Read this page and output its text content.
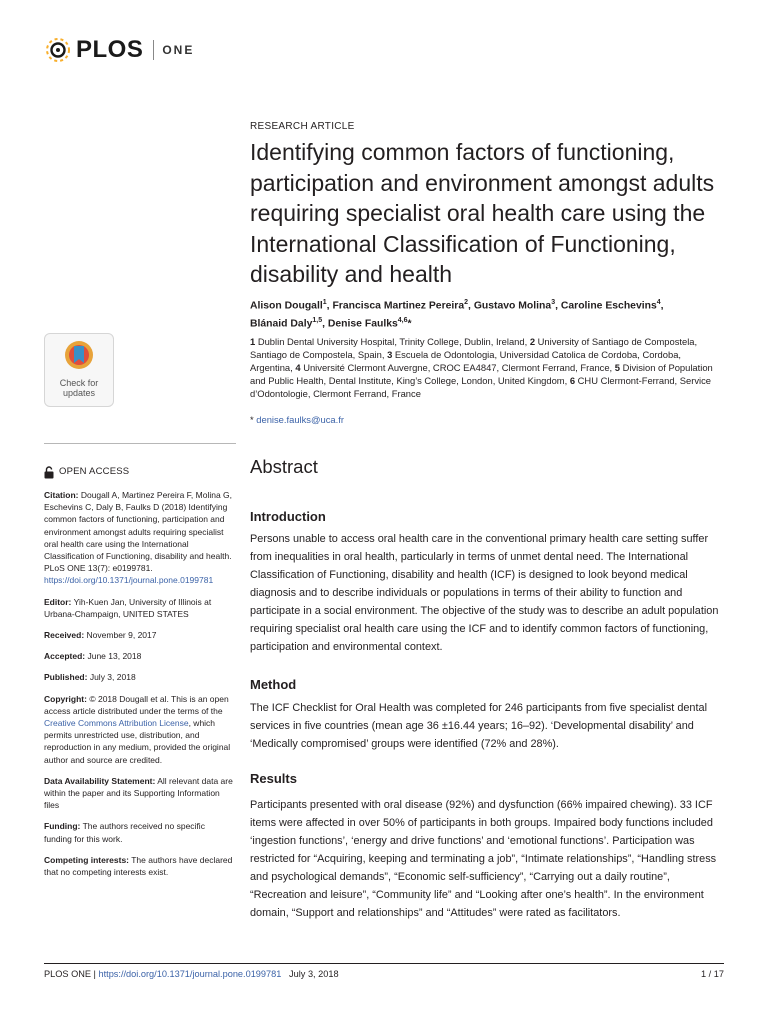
PLOS ONE
RESEARCH ARTICLE
Identifying common factors of functioning, participation and environment amongst adults requiring specialist oral health care using the International Classification of Functioning, disability and health
Alison Dougall$^1$, Francisca Martinez Pereira$^2$, Gustavo Molina$^3$, Caroline Eschevins$^4$,
Blánaid Daly$^{1,5}$, Denise Faulks$^{4,6}$*
1 Dublin Dental University Hospital, Trinity College, Dublin, Ireland, 2 University of Santiago de Compostela, Santiago de Compostela, Spain, 3 Escuela de Odontologia, Universidad Catolica de Cordoba, Cordoba, Argentina, 4 Université Clermont Auvergne, CROC EA4847, Clermont Ferrand, France, 5 Division of Population and Public Health, Dental Institute, King’s College, London, United Kingdom, 6 CHU Clermont-Ferrand, Service d’Odontologie, Clermont Ferrand, France
* denise.faulks@uca.fr
Check for
updates
OPEN ACCESS
Citation: Dougall A, Martinez Pereira F, Molina G, Eschevins C, Daly B, Faulks D (2018) Identifying common factors of functioning, participation and environment amongst adults requiring specialist oral health care using the International Classification of Functioning, disability and health. PLoS ONE 13(7): e0199781. https://doi.org/10.1371/journal.pone.0199781
Editor: Yih-Kuen Jan, University of Illinois at Urbana-Champaign, UNITED STATES
Received: November 9, 2017
Accepted: June 13, 2018
Published: July 3, 2018
Copyright: © 2018 Dougall et al. This is an open access article distributed under the terms of the Creative Commons Attribution License, which permits unrestricted use, distribution, and reproduction in any medium, provided the original author and source are credited.
Data Availability Statement: All relevant data are within the paper and its Supporting Information files
Funding: The authors received no specific funding for this work.
Competing interests: The authors have declared that no competing interests exist.
Abstract
Introduction
Persons unable to access oral health care in the conventional primary health care setting suffer from inequalities in oral health, particularly in terms of unmet dental need. The International Classification of Functioning, disability and health (ICF) is designed to look beyond medical diagnosis and to describe individuals or populations in terms of their ability to function and participate in a social environment. The objective of the study was to describe an adult population requiring specialist oral health care using the ICF and to identify common factors of functioning, participation and environmental context.
Method
The ICF Checklist for Oral Health was completed for 246 participants from five specialist dental services in five countries (mean age 36 ±16.44 years; 16–92). ‘Developmental disability’ and ‘Medically compromised’ groups were identified (72% and 28%).
Results
Participants presented with oral disease (92%) and dysfunction (66% impaired chewing). 33 ICF items were affected in over 50% of participants in both groups. Impaired body functions included ‘ingestion functions’, ‘energy and drive functions’ and ‘emotional functions’. Participation was restricted for “Acquiring, keeping and terminating a job”, “Intimate relationships”, “Handling stress and psychological demands”, “Economic self-sufficiency”, “Carrying out a daily routine”, “Recreation and leisure”, “Community life” and “Looking after one’s health”. In the environment domain, “Support and relationships” and “Attitudes” were rated as facilitators.
PLOS ONE | https://doi.org/10.1371/journal.pone.0199781 July 3, 2018	1 / 17
